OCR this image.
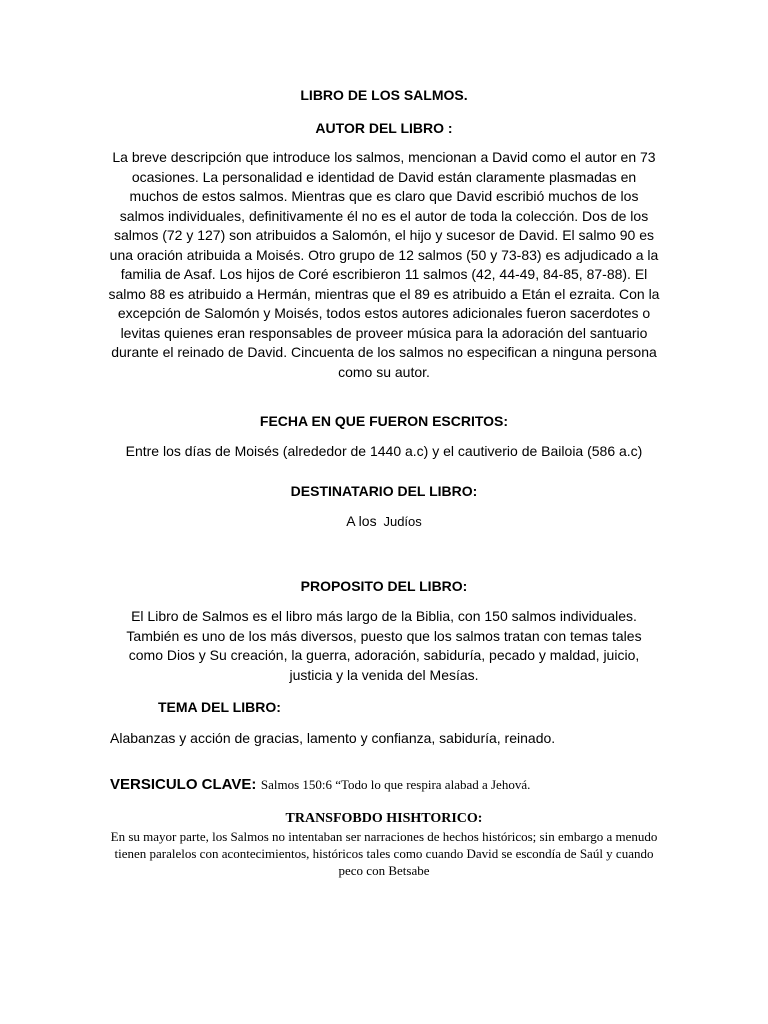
LIBRO DE LOS SALMOS.
AUTOR DEL LIBRO :
La breve descripción que introduce los salmos, mencionan a David como el autor en 73 ocasiones. La personalidad e identidad de David están claramente plasmadas en muchos de estos salmos. Mientras que es claro que David escribió muchos de los salmos individuales, definitivamente él no es el autor de toda la colección. Dos de los salmos (72 y 127) son atribuidos a Salomón, el hijo y sucesor de David. El salmo 90 es una oración atribuida a Moisés. Otro grupo de 12 salmos (50 y 73-83) es adjudicado a la familia de Asaf. Los hijos de Coré escribieron 11 salmos (42, 44-49, 84-85, 87-88). El salmo 88 es atribuido a Hermán, mientras que el 89 es atribuido a Etán el ezraita. Con la excepción de Salomón y Moisés, todos estos autores adicionales fueron sacerdotes o levitas quienes eran responsables de proveer música para la adoración del santuario durante el reinado de David. Cincuenta de los salmos no especifican a ninguna persona como su autor.
FECHA EN QUE FUERON ESCRITOS:
Entre los días de Moisés (alrededor de 1440 a.c) y el cautiverio de Bailoia (586 a.c)
DESTINATARIO DEL LIBRO:
A los Judíos
PROPOSITO DEL LIBRO:
El Libro de Salmos es el libro más largo de la Biblia, con 150 salmos individuales. También es uno de los más diversos, puesto que los salmos tratan con temas tales como Dios y Su creación, la guerra, adoración, sabiduría, pecado y maldad, juicio, justicia y la venida del Mesías.
TEMA DEL LIBRO:
Alabanzas y acción de gracias, lamento y confianza, sabiduría, reinado.
VERSICULO CLAVE: Salmos 150:6 “Todo lo que respira alabad a Jehová.
TRANSFOBDO HISHTORICO:
En su mayor parte, los Salmos no intentaban ser narraciones de hechos históricos; sin embargo a menudo tienen paralelos con acontecimientos, históricos tales como cuando David se escondía de Saúl y cuando peco con Betsabe
